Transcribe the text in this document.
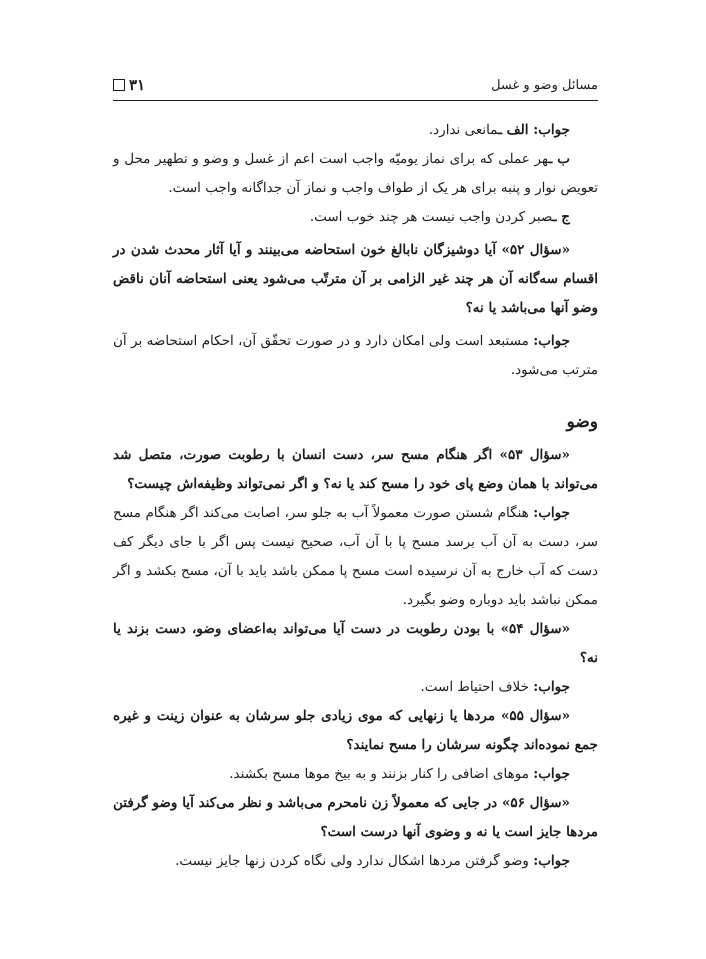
مسائل وضو و غسل
۳۱

جواب: الف ـمانعی ندارد.

ب ـهر عملی که برای نماز یومیّه واجب است اعم از غسل و وضو و تطهیر محل و تعویض نوار و پنبه برای هر یک از طواف واجب و نماز آن جداگانه واجب است.

ج ـصبر کردن واجب نیست هر چند خوب است.

«سؤال ۵۲» آیا دوشیزگان نابالغ خون استحاضه می‌بینند و آیا آثار محدث شدن در اقسام سه‌گانه آن هر چند غیر الزامی بر آن مترتّب می‌شود یعنی استحاضه آنان ناقض وضو آنها می‌باشد یا نه؟

جواب: مستبعد است ولی امکان دارد و در صورت تحقّق آن، احکام استحاضه بر آن مترتب می‌شود.

وضو

«سؤال ۵۳» اگر هنگام مسح سر، دست انسان با رطوبت صورت، متصل شد می‌تواند با همان وضع پای خود را مسح کند یا نه؟ و اگر نمی‌تواند وظیفه‌اش چیست؟

جواب: هنگام شستن صورت معمولاً آب به جلو سر، اصابت می‌کند اگر هنگام مسح سر، دست به آن آب برسد مسح پا با آن آب، صحیح نیست پس اگر با جای دیگر کف دست که آب خارج به آن نرسیده است مسح پا ممکن باشد باید با آن، مسح بکشد و اگر ممکن نباشد باید دوباره وضو بگیرد.

«سؤال ۵۴» با بودن رطوبت در دست آیا می‌تواند به‌اعضای وضو، دست بزند یا نه؟

جواب: خلاف احتیاط است.

«سؤال ۵۵» مردها یا زنهایی که موی زیادی جلو سرشان به عنوان زینت و غیره جمع نموده‌اند چگونه سرشان را مسح نمایند؟

جواب: موهای اضافی را کنار بزنند و به بیخ موها مسح بکشند.

«سؤال ۵۶» در جایی که معمولاً زن نامحرم می‌باشد و نظر می‌کند آیا وضو گرفتن مردها جایز است یا نه و وضوی آنها درست است؟

جواب: وضو گرفتن مردها اشکال ندارد ولی نگاه کردن زنها جایز نیست.
